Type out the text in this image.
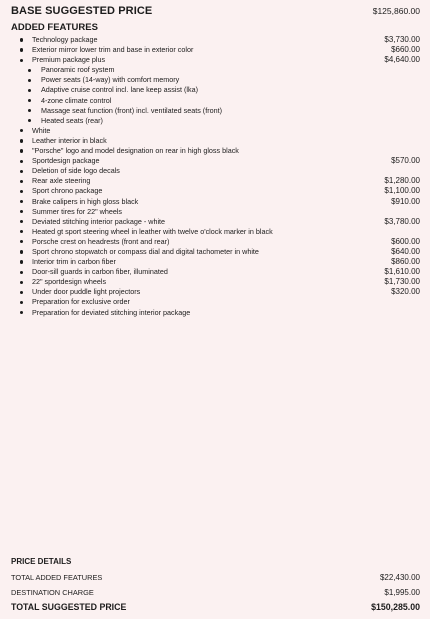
BASE SUGGESTED PRICE	$125,860.00
ADDED FEATURES
Technology package	$3,730.00
Exterior mirror lower trim and base in exterior color	$660.00
Premium package plus	$4,640.00
Panoramic roof system
Power seats (14-way) with comfort memory
Adaptive cruise control incl. lane keep assist (lka)
4-zone climate control
Massage seat function (front) incl. ventilated seats (front)
Heated seats (rear)
White
Leather interior in black
"Porsche" logo and model designation on rear in high gloss black
Sportdesign package	$570.00
Deletion of side logo decals
Rear axle steering	$1,280.00
Sport chrono package	$1,100.00
Brake calipers in high gloss black	$910.00
Summer tires for 22" wheels
Deviated stitching interior package - white	$3,780.00
Heated gt sport steering wheel in leather with twelve o'clock marker in black
Porsche crest on headrests (front and rear)	$600.00
Sport chrono stopwatch or compass dial and digital tachometer in white	$640.00
Interior trim in carbon fiber	$860.00
Door-sill guards in carbon fiber, illuminated	$1,610.00
22" sportdesign wheels	$1,730.00
Under door puddle light projectors	$320.00
Preparation for exclusive order
Preparation for deviated stitching interior package
PRICE DETAILS
TOTAL ADDED FEATURES	$22,430.00
DESTINATION CHARGE	$1,995.00
TOTAL SUGGESTED PRICE	$150,285.00
